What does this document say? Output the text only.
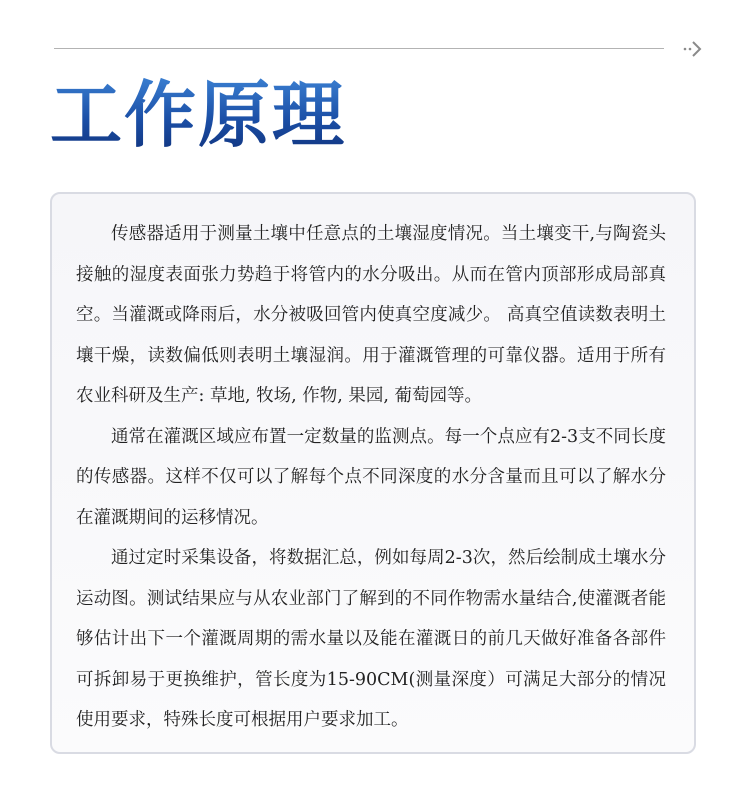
工作原理

传感器适用于测量土壤中任意点的土壤湿度情况。当土壤变干,与陶瓷头接触的湿度表面张力势趋于将管内的水分吸出。从而在管内顶部形成局部真空。当灌溉或降雨后，水分被吸回管内使真空度减少。 高真空值读数表明土壤干燥，读数偏低则表明土壤湿润。用于灌溉管理的可靠仪器。适用于所有农业科研及生产: 草地, 牧场, 作物, 果园, 葡萄园等。

通常在灌溉区域应布置一定数量的监测点。每一个点应有2-3支不同长度的传感器。这样不仅可以了解每个点不同深度的水分含量而且可以了解水分在灌溉期间的运移情况。

通过定时采集设备，将数据汇总，例如每周2-3次，然后绘制成土壤水分运动图。测试结果应与从农业部门了解到的不同作物需水量结合,使灌溉者能够估计出下一个灌溉周期的需水量以及能在灌溉日的前几天做好准备各部件可拆卸易于更换维护，管长度为15-90CM(测量深度）可满足大部分的情况使用要求，特殊长度可根据用户要求加工。
